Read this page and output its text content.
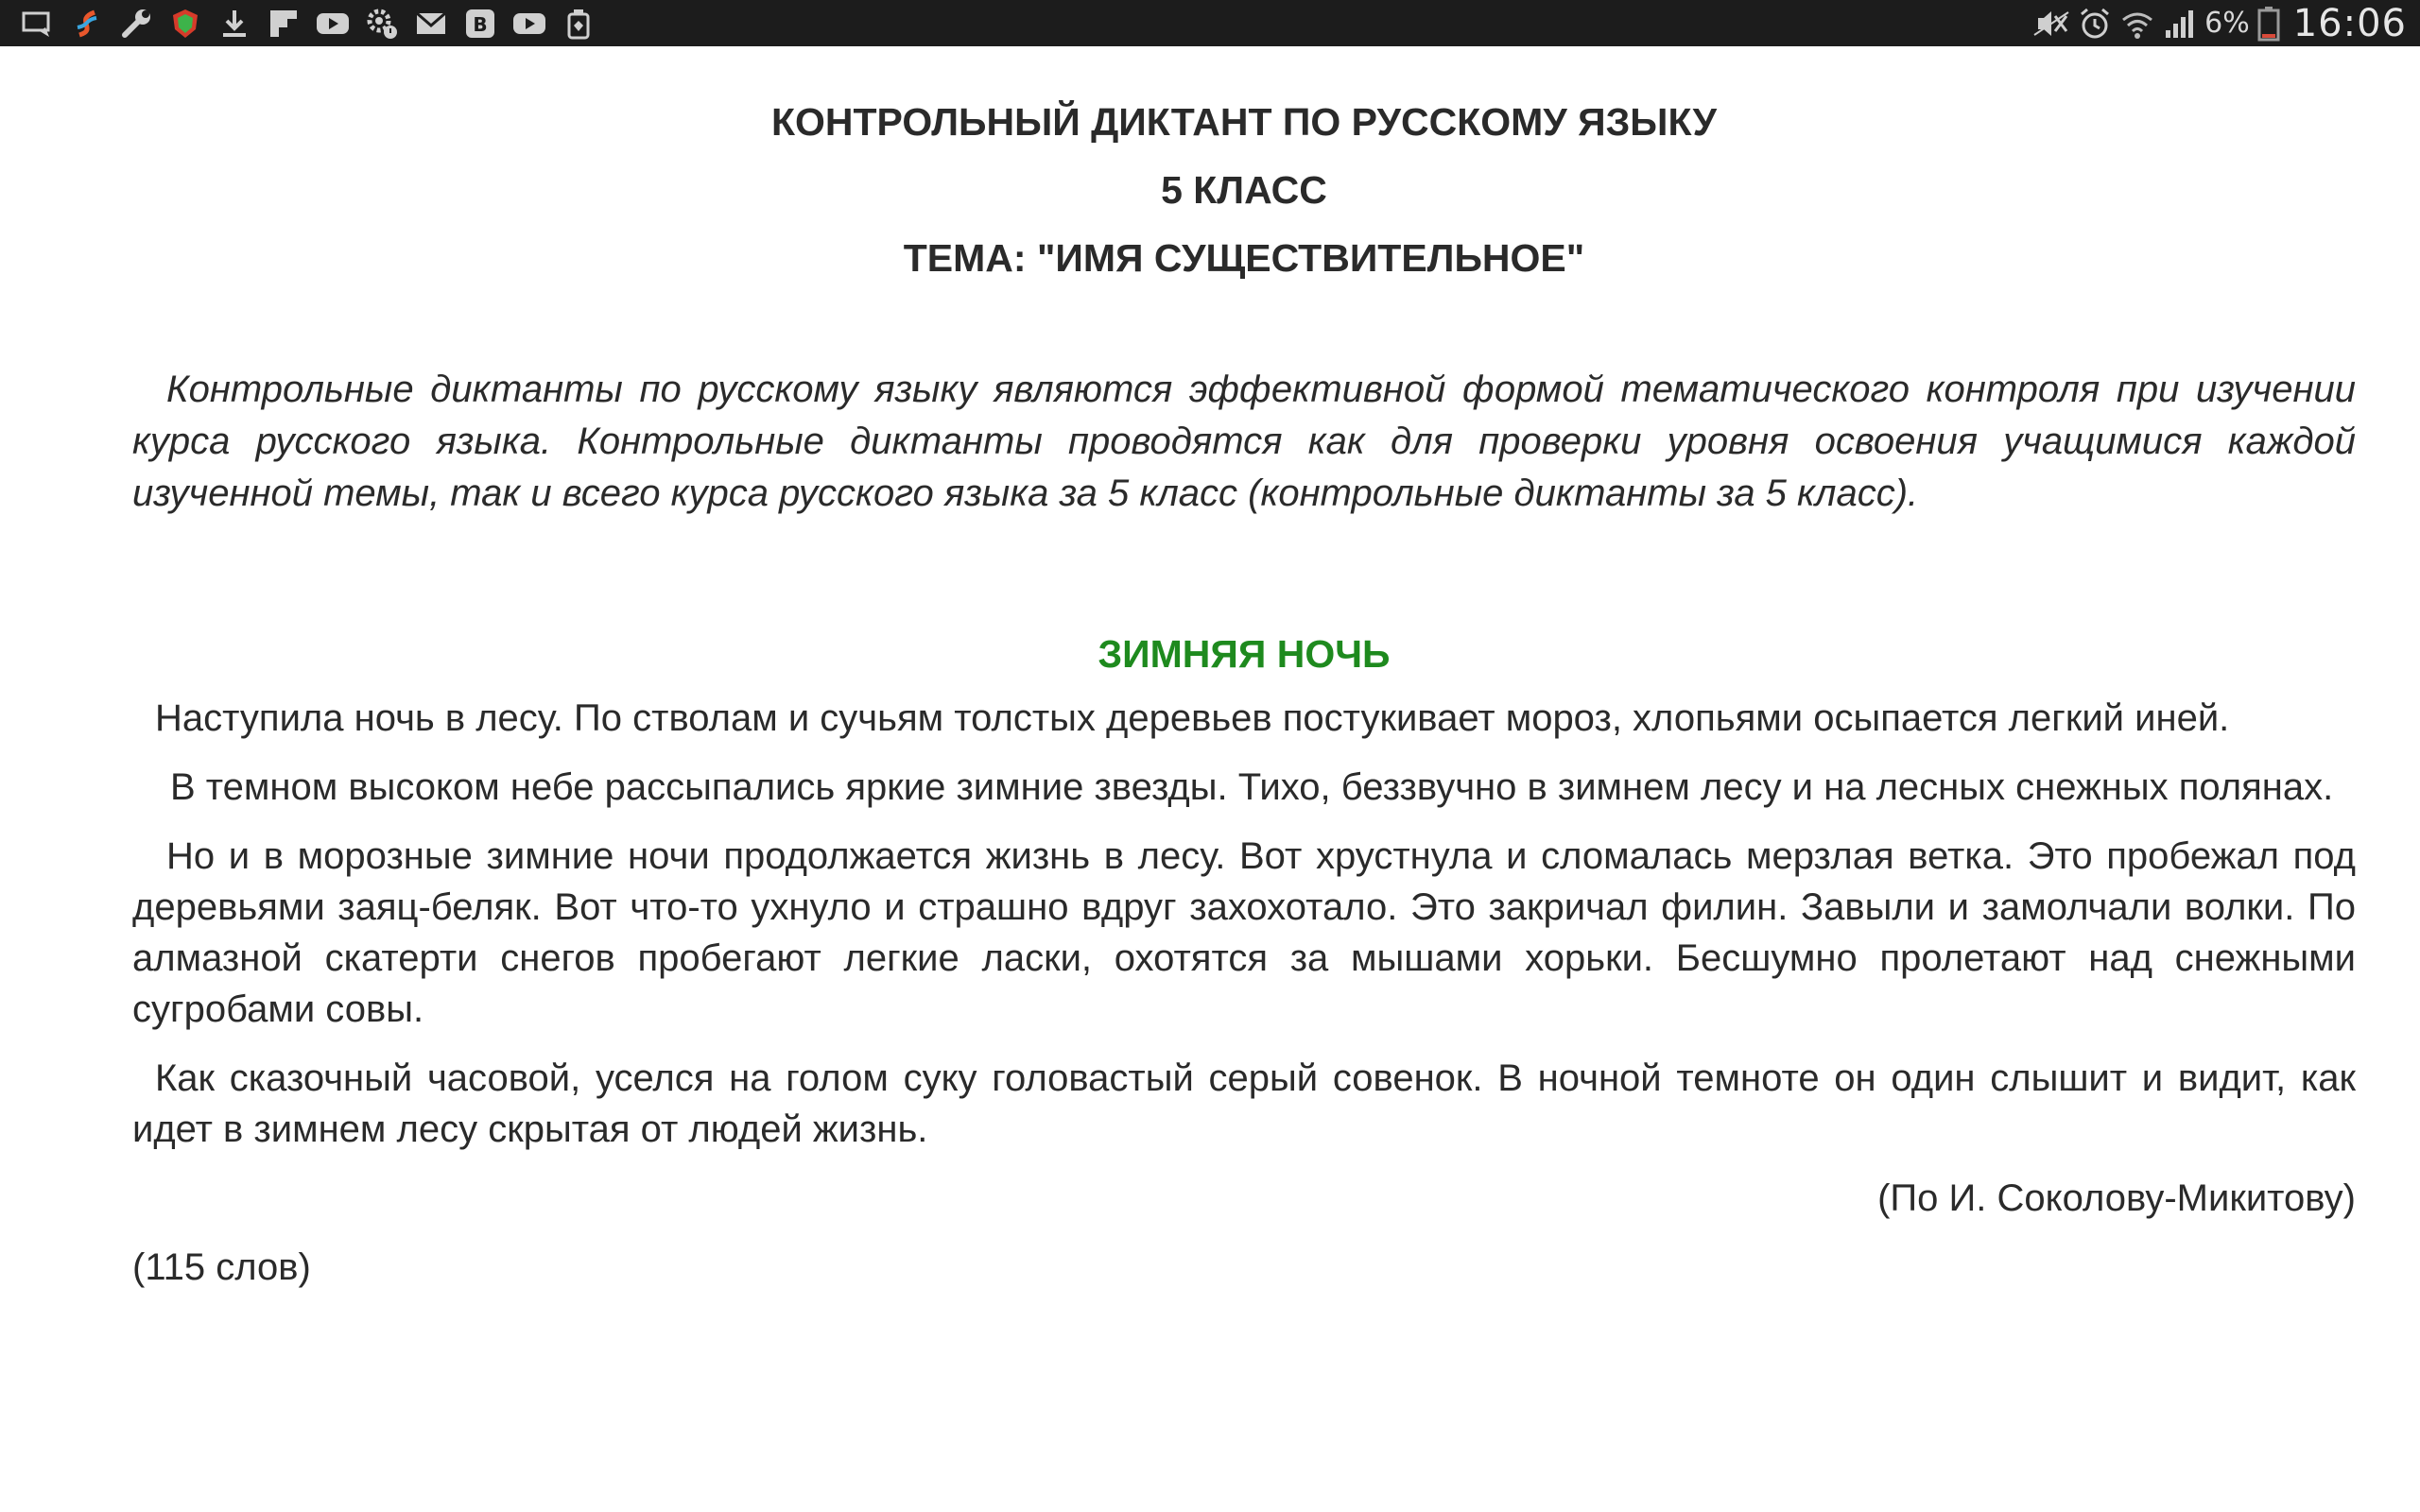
B	6% 16:06

КОНТРОЛЬНЫЙ ДИКТАНТ ПО РУССКОМУ ЯЗЫКУ

5 КЛАСС

ТЕМА: "ИМЯ СУЩЕСТВИТЕЛЬНОЕ"

Контрольные диктанты по русскому языку являются эффективной формой тематического контроля при изучении курса русского языка. Контрольные диктанты проводятся как для проверки уровня освоения учащимися каждой изученной темы, так и всего курса русского языка за 5 класс (контрольные диктанты за 5 класс).

ЗИМНЯЯ НОЧЬ

Наступила ночь в лесу. По стволам и сучьям толстых деревьев постукивает мороз, хлопьями осыпается легкий иней.

В темном высоком небе рассыпались яркие зимние звезды. Тихо, беззвучно в зимнем лесу и на лесных снежных полянах.

Но и в морозные зимние ночи продолжается жизнь в лесу. Вот хрустнула и сломалась мерзлая ветка. Это пробежал под деревьями заяц-беляк. Вот что-то ухнуло и страшно вдруг захохотало. Это закричал филин. Завыли и замолчали волки. По алмазной скатерти снегов пробегают легкие ласки, охотятся за мышами хорьки. Бесшумно пролетают над снежными сугробами совы.

Как сказочный часовой, уселся на голом суку головастый серый совенок. В ночной темноте он один слышит и видит, как идет в зимнем лесу скрытая от людей жизнь.

(По И. Соколову-Микитову)

(115 слов)
